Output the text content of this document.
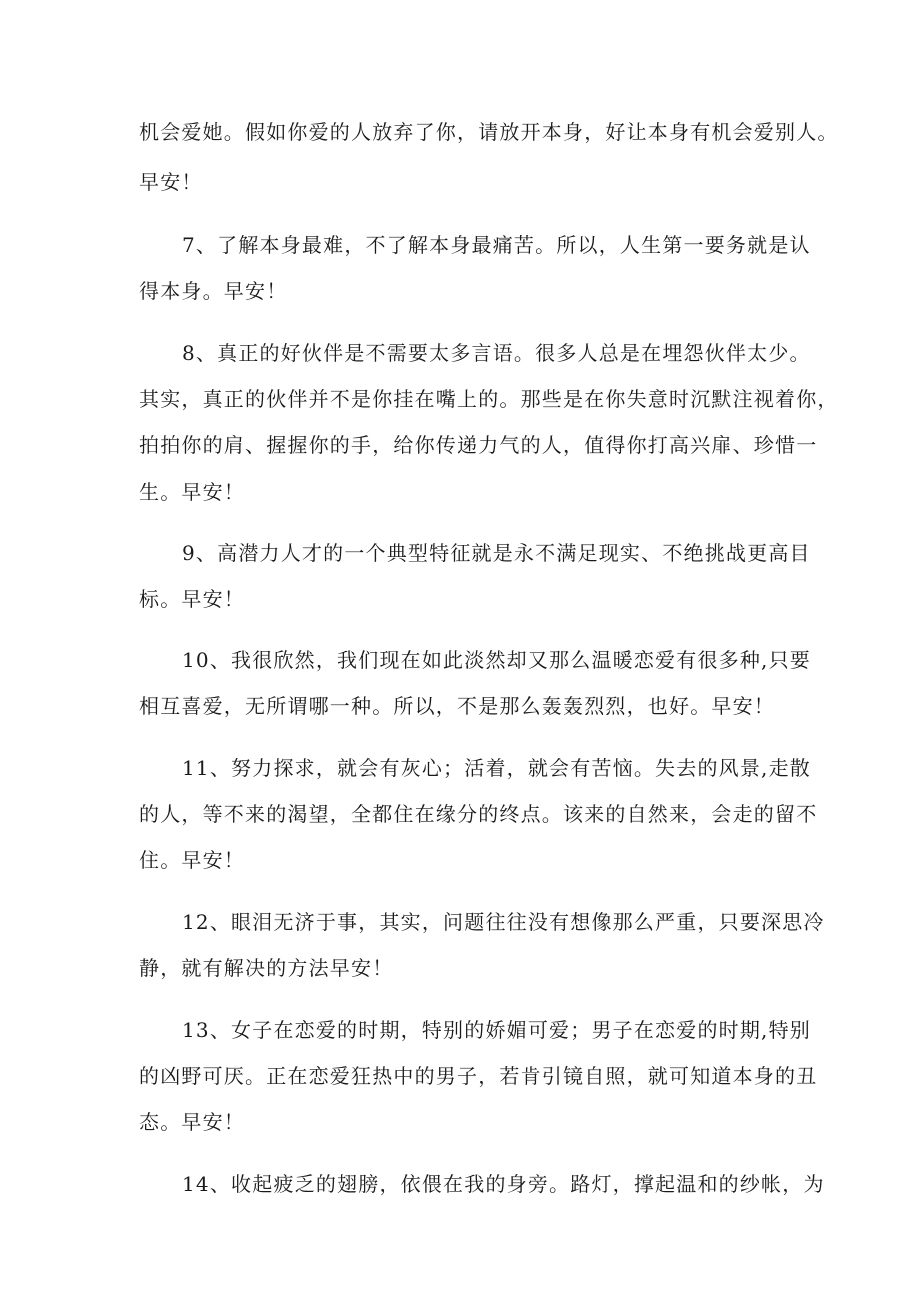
机会爱她。假如你爱的人放弃了你，请放开本身，好让本身有机会爱别人。
早安！
7、了解本身最难，不了解本身最痛苦。所以，人生第一要务就是认
得本身。早安！
8、真正的好伙伴是不需要太多言语。很多人总是在埋怨伙伴太少。
其实，真正的伙伴并不是你挂在嘴上的。那些是在你失意时沉默注视着你，
拍拍你的肩、握握你的手，给你传递力气的人，值得你打高兴扉、珍惜一
生。早安！
9、高潜力人才的一个典型特征就是永不满足现实、不绝挑战更高目
标。早安！
10、我很欣然，我们现在如此淡然却又那么温暖恋爱有很多种,只要
相互喜爱，无所谓哪一种。所以，不是那么轰轰烈烈，也好。早安！
11、努力探求，就会有灰心；活着，就会有苦恼。失去的风景,走散
的人，等不来的渴望，全都住在缘分的终点。该来的自然来，会走的留不
住。早安！
12、眼泪无济于事，其实，问题往往没有想像那么严重，只要深思冷
静，就有解决的方法早安！
13、女子在恋爱的时期，特别的娇媚可爱；男子在恋爱的时期,特别
的凶野可厌。正在恋爱狂热中的男子，若肯引镜自照，就可知道本身的丑
态。早安！
14、收起疲乏的翅膀，依偎在我的身旁。路灯，撑起温和的纱帐，为
